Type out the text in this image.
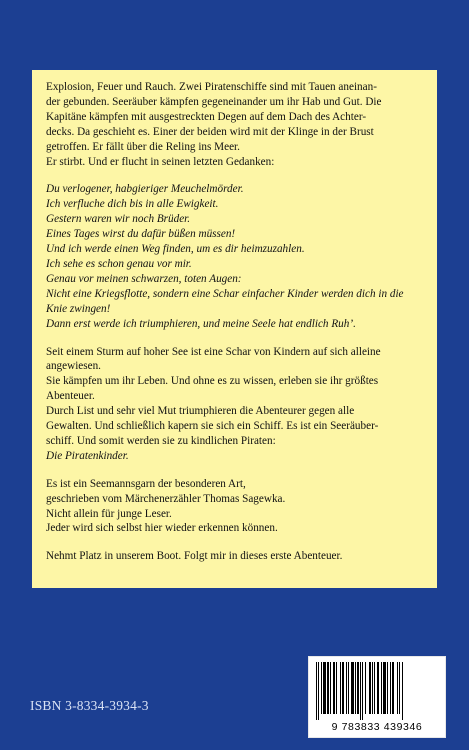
Explosion, Feuer und Rauch. Zwei Piratenschiffe sind mit Tauen aneinan-
der gebunden. Seeräuber kämpfen gegeneinander um ihr Hab und Gut. Die
Kapitäne kämpfen mit ausgestreckten Degen auf dem Dach des Achter-
decks. Da geschieht es. Einer der beiden wird mit der Klinge in der Brust
getroffen. Er fällt über die Reling ins Meer.
Er stirbt. Und er flucht in seinen letzten Gedanken:
Du verlogener, habgieriger Meuchelmörder.
Ich verfluche dich bis in alle Ewigkeit.
Gestern waren wir noch Brüder.
Eines Tages wirst du dafür büßen müssen!
Und ich werde einen Weg finden, um es dir heimzuzahlen.
Ich sehe es schon genau vor mir.
Genau vor meinen schwarzen, toten Augen:
Nicht eine Kriegsflotte, sondern eine Schar einfacher Kinder werden dich in die
Knie zwingen!
Dann erst werde ich triumphieren, und meine Seele hat endlich Ruh’.
Seit einem Sturm auf hoher See ist eine Schar von Kindern auf sich alleine
angewiesen.
Sie kämpfen um ihr Leben. Und ohne es zu wissen, erleben sie ihr größtes
Abenteuer.
Durch List und sehr viel Mut triumphieren die Abenteurer gegen alle
Gewalten. Und schließlich kapern sie sich ein Schiff. Es ist ein Seeräuber-
schiff. Und somit werden sie zu kindlichen Piraten:
Die Piratenkinder.
Es ist ein Seemannsgarn der besonderen Art,
geschrieben vom Märchenerzähler Thomas Sagewka.
Nicht allein für junge Leser.
Jeder wird sich selbst hier wieder erkennen können.
Nehmt Platz in unserem Boot. Folgt mir in dieses erste Abenteuer.
ISBN 3-8334-3934-3
9 783833 439346
